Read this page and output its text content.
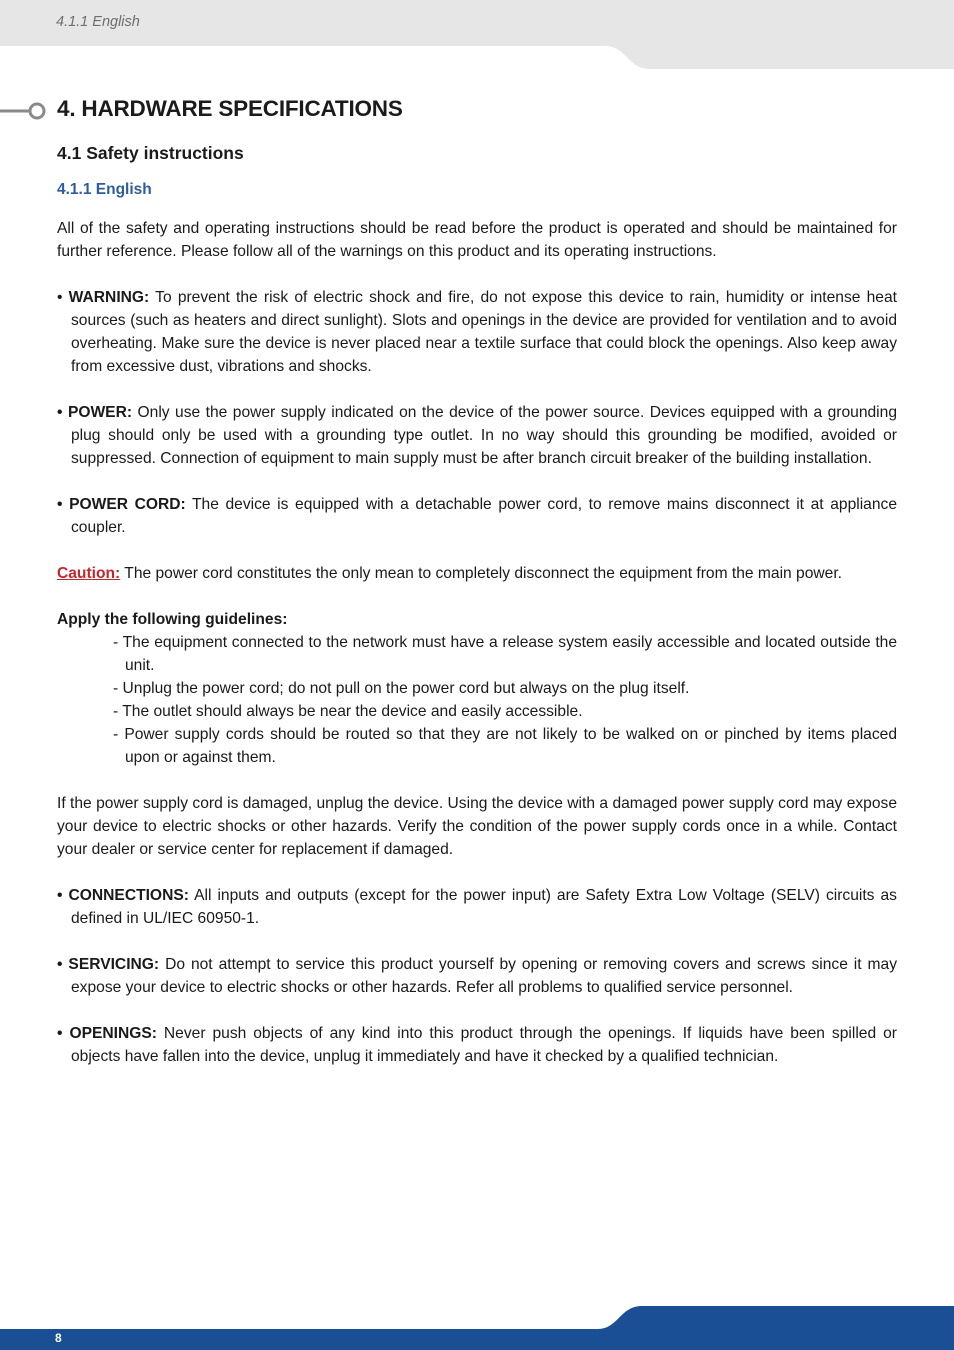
4.1.1 English
4. HARDWARE SPECIFICATIONS
4.1 Safety instructions
4.1.1 English

All of the safety and operating instructions should be read before the product is operated and should be maintained for further reference. Please follow all of the warnings on this product and its operating instructions.

• WARNING: To prevent the risk of electric shock and fire, do not expose this device to rain, humidity or intense heat sources (such as heaters and direct sunlight). Slots and openings in the device are provided for ventilation and to avoid overheating. Make sure the device is never placed near a textile surface that could block the openings. Also keep away from excessive dust, vibrations and shocks.

• POWER: Only use the power supply indicated on the device of the power source. Devices equipped with a grounding plug should only be used with a grounding type outlet. In no way should this grounding be modified, avoided or suppressed. Connection of equipment to main supply must be after branch circuit breaker of the building installation.

• POWER CORD: The device is equipped with a detachable power cord, to remove mains disconnect it at appliance coupler.

Caution: The power cord constitutes the only mean to completely disconnect the equipment from the main power.

Apply the following guidelines:

- The equipment connected to the network must have a release system easily accessible and located outside the unit.

- Unplug the power cord; do not pull on the power cord but always on the plug itself.

- The outlet should always be near the device and easily accessible.

- Power supply cords should be routed so that they are not likely to be walked on or pinched by items placed upon or against them.

If the power supply cord is damaged, unplug the device. Using the device with a damaged power supply cord may expose your device to electric shocks or other hazards. Verify the condition of the power supply cords once in a while. Contact your dealer or service center for replacement if damaged.

• CONNECTIONS: All inputs and outputs (except for the power input) are Safety Extra Low Voltage (SELV) circuits as defined in UL/IEC 60950-1.

• SERVICING: Do not attempt to service this product yourself by opening or removing covers and screws since it may expose your device to electric shocks or other hazards. Refer all problems to qualified service personnel.

• OPENINGS: Never push objects of any kind into this product through the openings. If liquids have been spilled or objects have fallen into the device, unplug it immediately and have it checked by a qualified technician.

8
